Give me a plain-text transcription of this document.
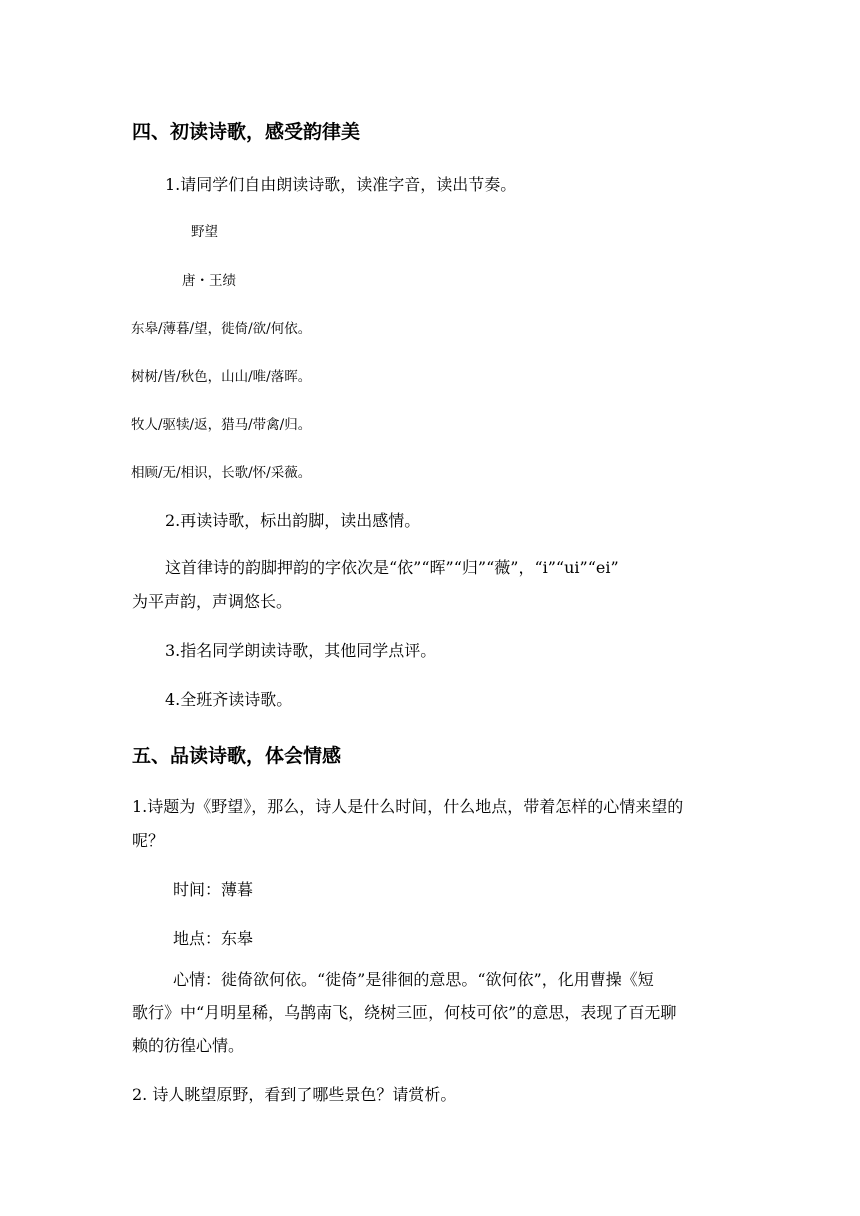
四、初读诗歌，感受韵律美
1.请同学们自由朗读诗歌，读准字音，读出节奏。
野望
唐・王绩
东皋/薄暮/望，徙倚/欲/何依。
树树/皆/秋色，山山/唯/落晖。
牧人/驱犊/返，猎马/带禽/归。
相顾/无/相识，长歌/怀/采薇。
2.再读诗歌，标出韵脚，读出感情。
这首律诗的韵脚押韵的字依次是“依”“晖”“归”“薇”，“i”“ui”“ei”
为平声韵，声调悠长。
3.指名同学朗读诗歌，其他同学点评。
4.全班齐读诗歌。
五、品读诗歌，体会情感
1.诗题为《野望》，那么，诗人是什么时间，什么地点，带着怎样的心情来望的
呢？
时间：薄暮
地点：东皋
心情：徙倚欲何依。“徙倚”是徘徊的意思。“欲何依”，化用曹操《短
歌行》中“月明星稀，乌鹊南飞，绕树三匝，何枝可依”的意思，表现了百无聊
赖的彷徨心情。
2. 诗人眺望原野，看到了哪些景色？请赏析。
